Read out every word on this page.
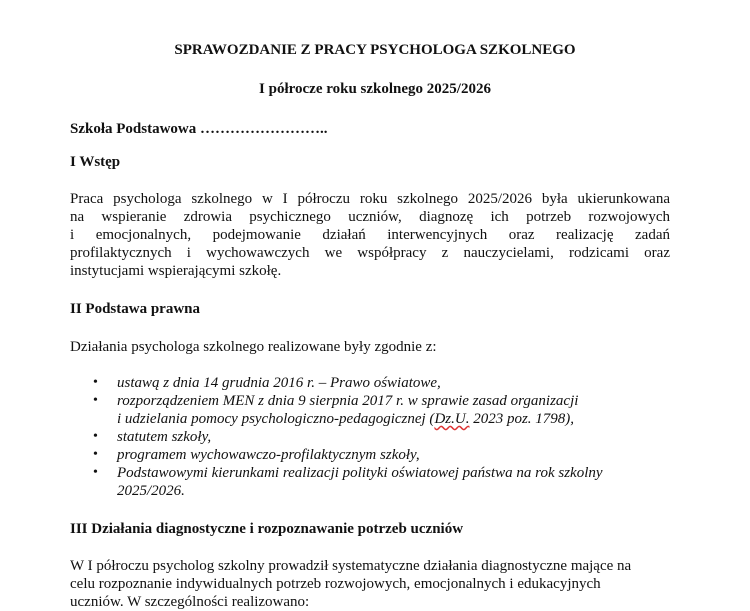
SPRAWOZDANIE Z PRACY PSYCHOLOGA SZKOLNEGO
I półrocze roku szkolnego 2025/2026
Szkoła Podstawowa ……………………..
I Wstęp
Praca psychologa szkolnego w I półroczu roku szkolnego 2025/2026 była ukierunkowana
na wspieranie zdrowia psychicznego uczniów, diagnozę ich potrzeb rozwojowych
i emocjonalnych, podejmowanie działań interwencyjnych oraz realizację zadań
profilaktycznych i wychowawczych we współpracy z nauczycielami, rodzicami oraz
instytucjami wspierającymi szkołę.
II Podstawa prawna
Działania psychologa szkolnego realizowane były zgodnie z:
• ustawą z dnia 14 grudnia 2016 r. – Prawo oświatowe,
• rozporządzeniem MEN z dnia 9 sierpnia 2017 r. w sprawie zasad organizacji
i udzielania pomocy psychologiczno-pedagogicznej (Dz.U. 2023 poz. 1798),
• statutem szkoły,
• programem wychowawczo-profilaktycznym szkoły,
• Podstawowymi kierunkami realizacji polityki oświatowej państwa na rok szkolny
2025/2026.
III Działania diagnostyczne i rozpoznawanie potrzeb uczniów
W I półroczu psycholog szkolny prowadził systematyczne działania diagnostyczne mające na
celu rozpoznanie indywidualnych potrzeb rozwojowych, emocjonalnych i edukacyjnych
uczniów. W szczególności realizowano:
